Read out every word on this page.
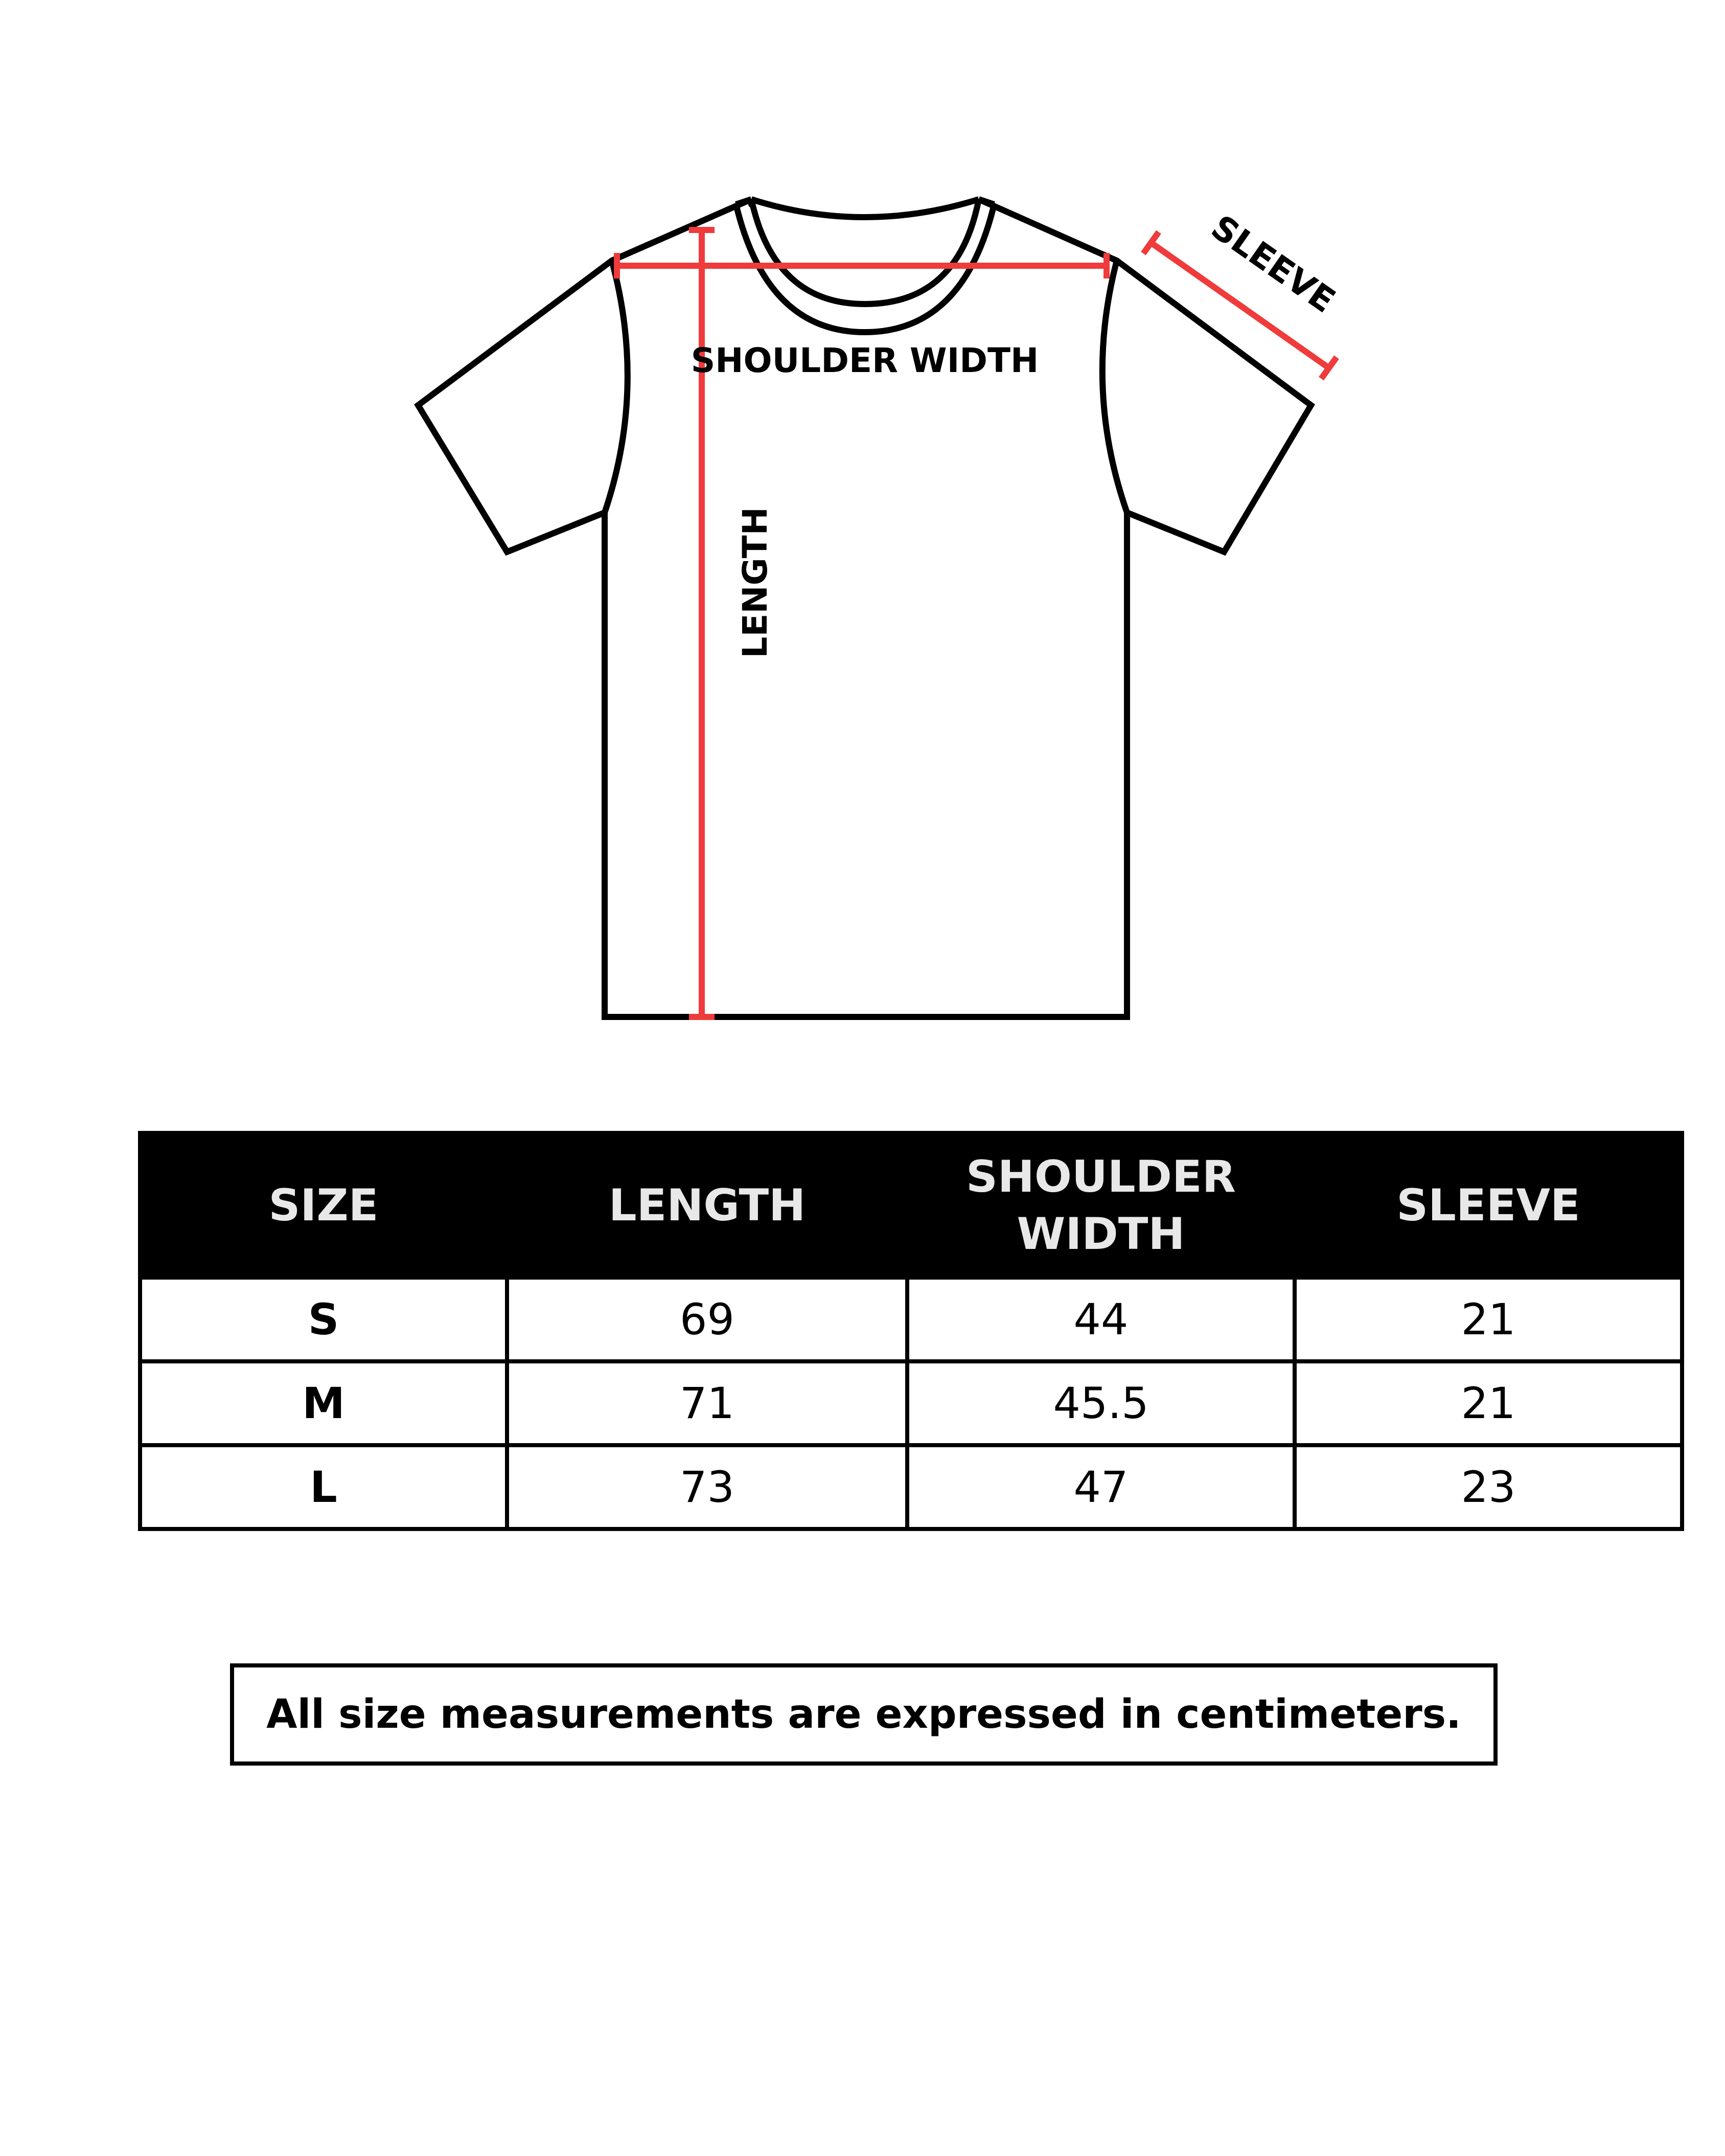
SHOULDER WIDTH
LENGTH
SLEEVE
SIZE	LENGTH	SHOULDER WIDTH	SLEEVE
S	69	44	21
M	71	45.5	21
L	73	47	23
All size measurements are expressed in centimeters.
